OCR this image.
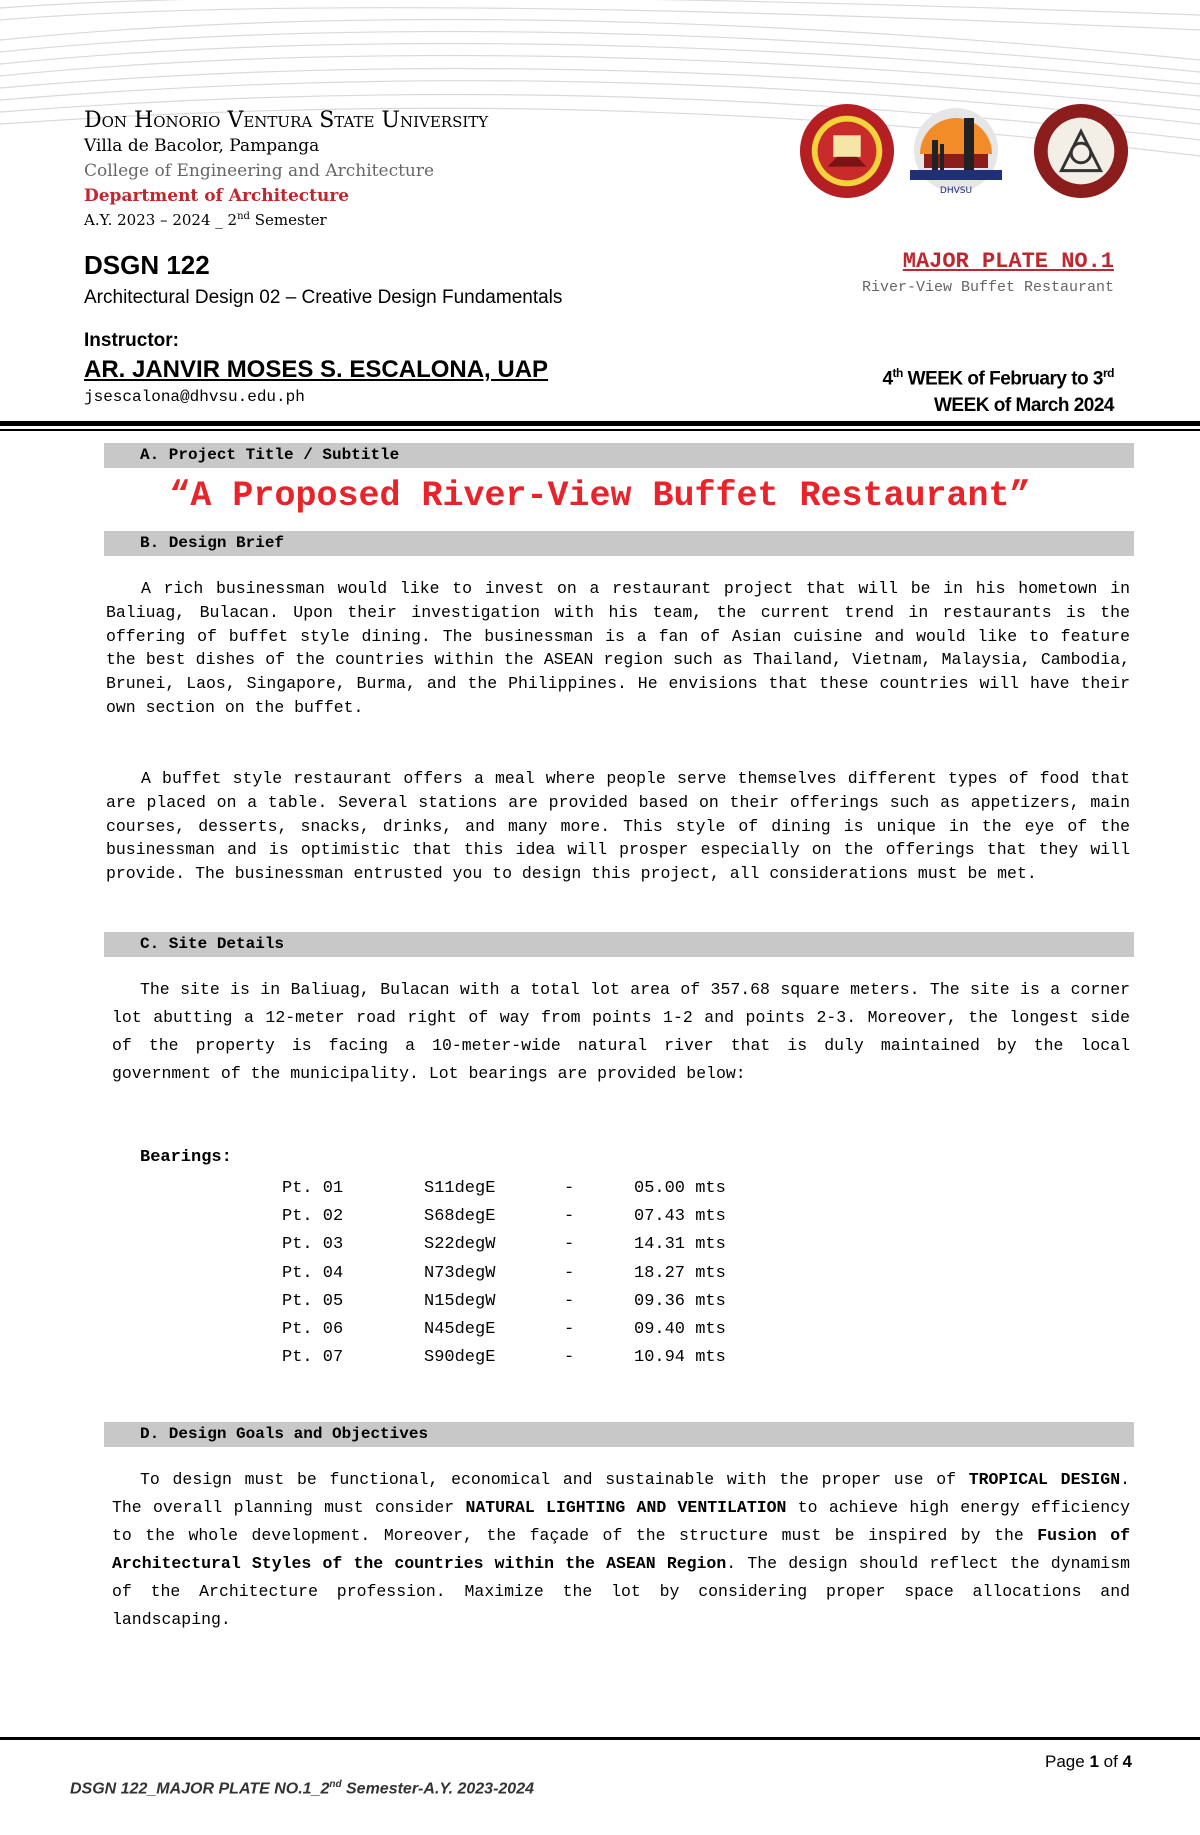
Don Honorio Ventura State University
Villa de Bacolor, Pampanga
College of Engineering and Architecture
Department of Architecture
A.Y. 2023 – 2024 _ 2nd Semester
DHVSU
DSGN 122
Architectural Design 02 – Creative Design Fundamentals
Instructor:
AR. JANVIR MOSES S. ESCALONA, UAP
jsescalona@dhvsu.edu.ph
MAJOR PLATE NO.1
River-View Buffet Restaurant
4th WEEK of February to 3rd
WEEK of March 2024
A. Project Title / Subtitle
“A Proposed River-View Buffet Restaurant”
B. Design Brief
A rich businessman would like to invest on a restaurant project that will be in his hometown in Baliuag, Bulacan. Upon their investigation with his team, the current trend in restaurants is the offering of buffet style dining. The businessman is a fan of Asian cuisine and would like to feature the best dishes of the countries within the ASEAN region such as Thailand, Vietnam, Malaysia, Cambodia, Brunei, Laos, Singapore, Burma, and the Philippines. He envisions that these countries will have their own section on the buffet.
A buffet style restaurant offers a meal where people serve themselves different types of food that are placed on a table. Several stations are provided based on their offerings such as appetizers, main courses, desserts, snacks, drinks, and many more. This style of dining is unique in the eye of the businessman and is optimistic that this idea will prosper especially on the offerings that they will provide. The businessman entrusted you to design this project, all considerations must be met.
C. Site Details
The site is in Baliuag, Bulacan with a total lot area of 357.68 square meters. The site is a corner lot abutting a 12-meter road right of way from points 1-2 and points 2-3. Moreover, the longest side of the property is facing a 10-meter-wide natural river that is duly maintained by the local government of the municipality. Lot bearings are provided below:
Bearings:
Pt. 01	S11degE	-	05.00 mts
Pt. 02	S68degE	-	07.43 mts
Pt. 03	S22degW	-	14.31 mts
Pt. 04	N73degW	-	18.27 mts
Pt. 05	N15degW	-	09.36 mts
Pt. 06	N45degE	-	09.40 mts
Pt. 07	S90degE	-	10.94 mts
D. Design Goals and Objectives
To design must be functional, economical and sustainable with the proper use of TROPICAL DESIGN. The overall planning must consider NATURAL LIGHTING AND VENTILATION to achieve high energy efficiency to the whole development. Moreover, the façade of the structure must be inspired by the Fusion of Architectural Styles of the countries within the ASEAN Region. The design should reflect the dynamism of the Architecture profession. Maximize the lot by considering proper space allocations and landscaping.
Page 1 of 4
DSGN 122_MAJOR PLATE NO.1_2nd Semester-A.Y. 2023-2024
